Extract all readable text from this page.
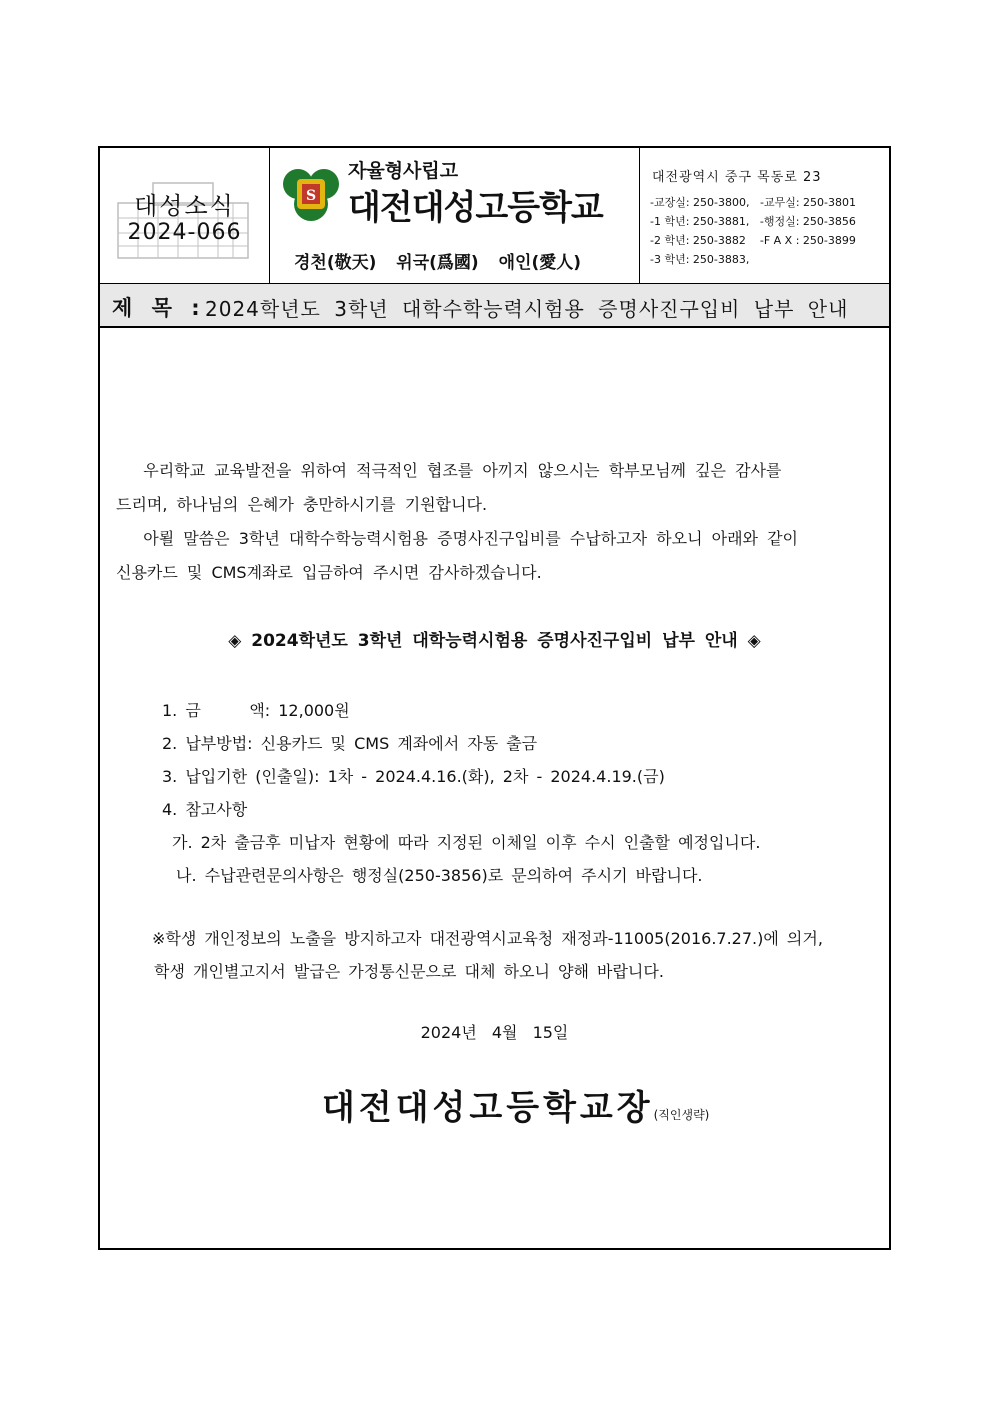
대성소식
2024-066
S
자율형사립고
대전대성고등학교
경천(敬天) 위국(爲國) 애인(愛人)
대전광역시 중구 목동로 23
-교장실: 250-3800,   -교무실: 250-3801
-1 학년: 250-3881,   -행정실: 250-3856
-2 학년: 250-3882    -F A X : 250-3899
-3 학년: 250-3883,
제 목 : 2024학년도 3학년 대학수학능력시험용 증명사진구입비 납부 안내
우리학교 교육발전을 위하여 적극적인 협조를 아끼지 않으시는 학부모님께 깊은 감사를
드리며, 하나님의 은혜가 충만하시기를 기원합니다.
아뢸 말씀은 3학년 대학수학능력시험용 증명사진구입비를 수납하고자 하오니 아래와 같이
신용카드 및 CMS계좌로 입금하여 주시면 감사하겠습니다.
◈ 2024학년도 3학년 대학능력시험용 증명사진구입비 납부 안내 ◈
1. 금      액: 12,000원
2. 납부방법: 신용카드 및 CMS 계좌에서 자동 출금
3. 납입기한 (인출일): 1차 - 2024.4.16.(화), 2차 - 2024.4.19.(금)
4. 참고사항
가. 2차 출금후 미납자 현황에 따라 지정된 이체일 이후 수시 인출할 예정입니다.
나. 수납관련문의사항은 행정실(250-3856)로 문의하여 주시기 바랍니다.
※학생 개인정보의 노출을 방지하고자 대전광역시교육청 재정과-11005(2016.7.27.)에 의거,
학생 개인별고지서 발급은 가정통신문으로 대체 하오니 양해 바랍니다.
2024년 4월 15일
대전대성고등학교장(직인생략)
